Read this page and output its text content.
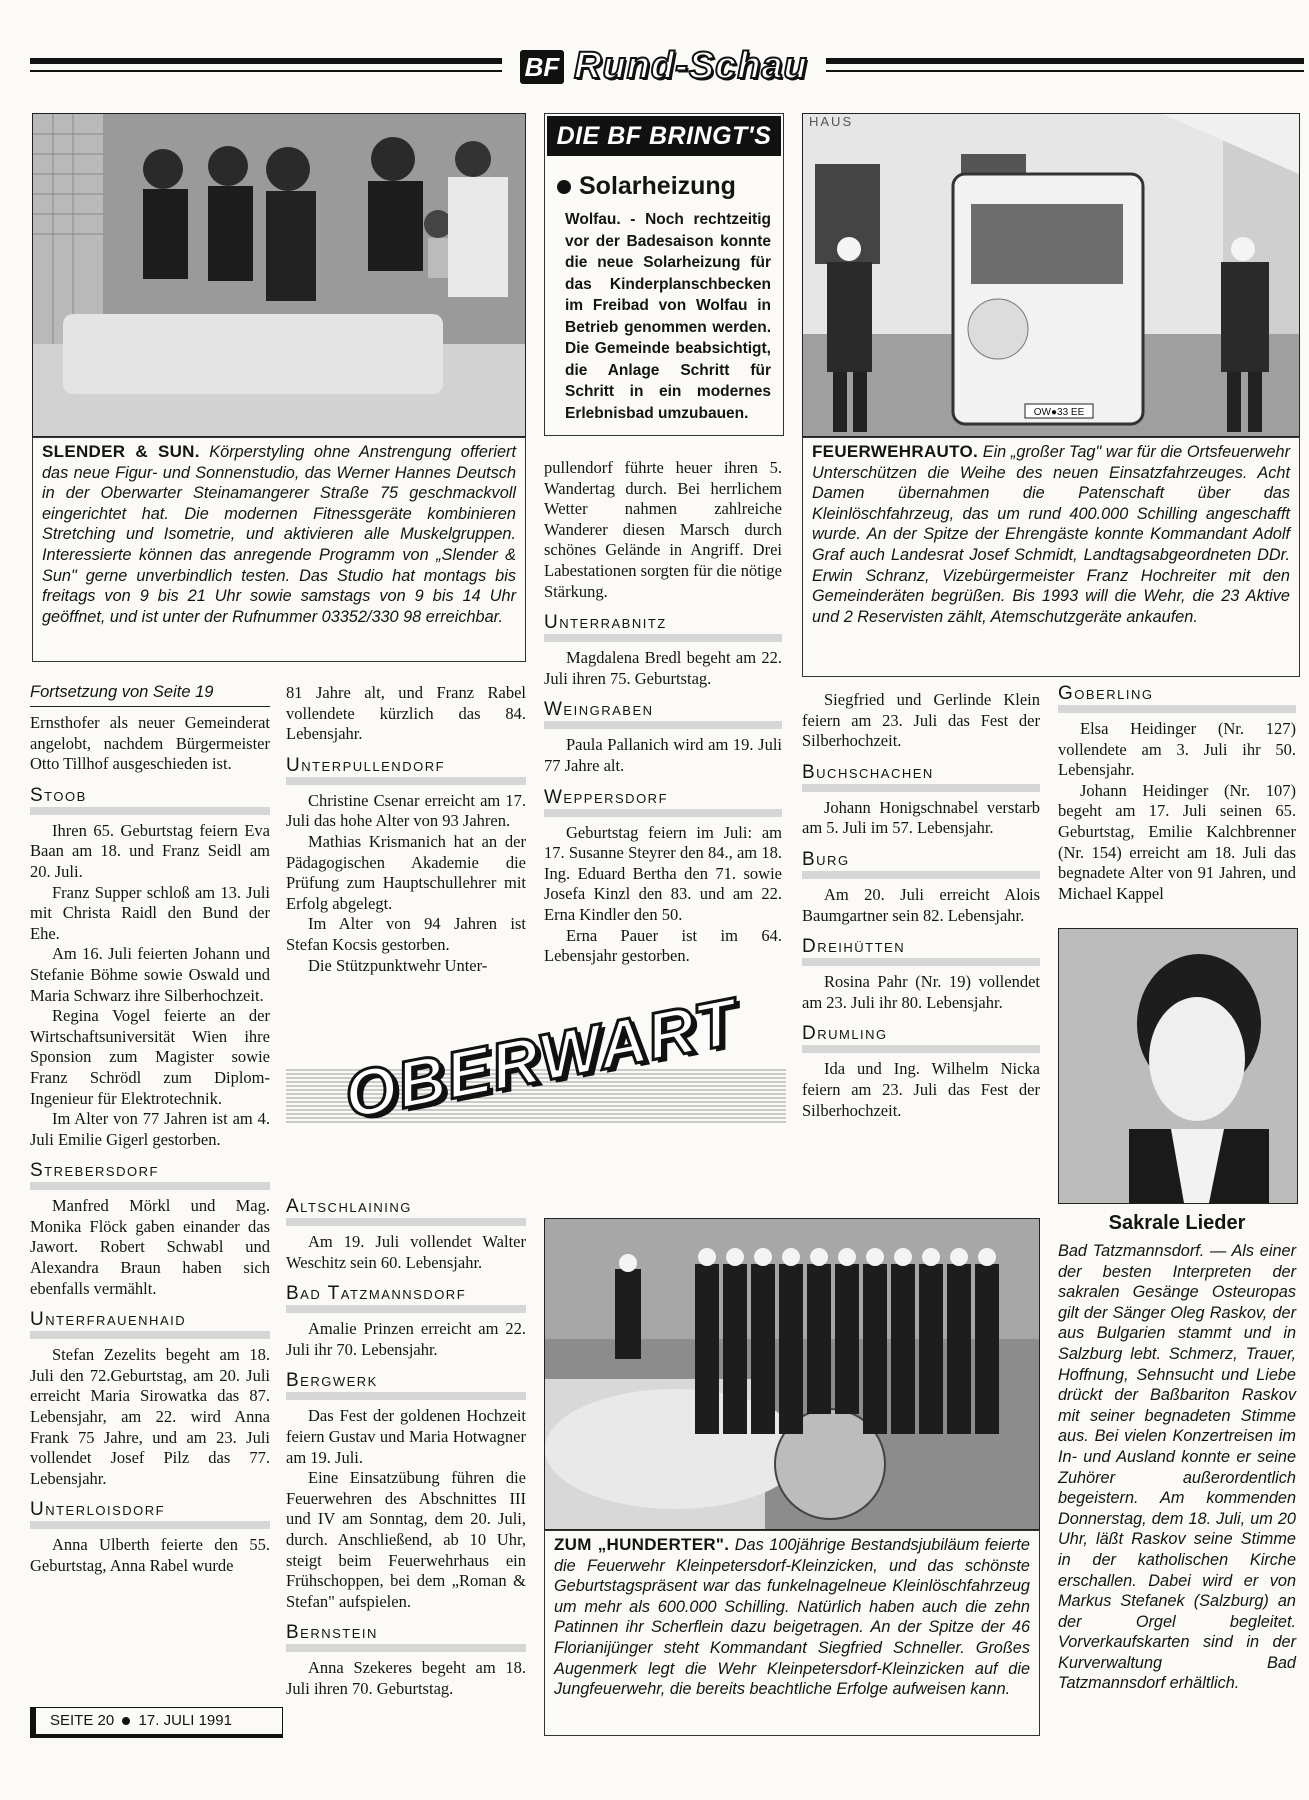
BF Rund-Schau
SLENDER & SUN. Körperstyling ohne Anstrengung offeriert das neue Figur- und Sonnenstudio, das Werner Hannes Deutsch in der Oberwarter Steinamangerer Straße 75 geschmackvoll eingerichtet hat. Die modernen Fitnessgeräte kombinieren Stretching und Isometrie, und aktivieren alle Muskelgruppen. Interessierte können das anregende Programm von „Slender & Sun" gerne unverbindlich testen. Das Studio hat montags bis freitags von 9 bis 21 Uhr sowie samstags von 9 bis 14 Uhr geöffnet, und ist unter der Rufnummer 03352/330 98 erreichbar.
DIE BF BRINGT'S
Solarheizung
Wolfau. - Noch rechtzeitig vor der Badesaison konnte die neue Solarheizung für das Kinderplanschbecken im Freibad von Wolfau in Betrieb genommen werden. Die Gemeinde beabsichtigt, die Anlage Schritt für Schritt in ein modernes Erlebnisbad umzubauen.	OW●33 EE
HAUS
FEUERWEHRAUTO. Ein „großer Tag" war für die Ortsfeuerwehr Unterschützen die Weihe des neuen Einsatzfahrzeuges. Acht Damen übernahmen die Patenschaft über das Kleinlöschfahrzeug, das um rund 400.000 Schilling angeschafft wurde. An der Spitze der Ehrengäste konnte Kommandant Adolf Graf auch Landesrat Josef Schmidt, Landtagsabgeordneten DDr. Erwin Schranz, Vizebürgermeister Franz Hochreiter mit den Gemeinderäten begrüßen. Bis 1993 will die Wehr, die 23 Aktive und 2 Reservisten zählt, Atemschutzgeräte ankaufen.

pullendorf führte heuer ihren 5. Wandertag durch. Bei herrlichem Wetter nahmen zahlreiche Wanderer diesen Marsch durch schönes Gelände in Angriff. Drei Labestationen sorgten für die nötige Stärkung.

Unterrabnitz

Magdalena Bredl begeht am 22. Juli ihren 75. Geburtstag.

Weingraben

Paula Pallanich wird am 19. Juli 77 Jahre alt.

Weppersdorf

Geburtstag feiern im Juli: am 17. Susanne Steyrer den 84., am 18. Ing. Eduard Bertha den 71. sowie Josefa Kinzl den 83. und am 22. Erna Kindler den 50.

Erna Pauer ist im 64. Lebensjahr gestorben.

Fortsetzung von Seite 19

Ernsthofer als neuer Gemeinderat angelobt, nachdem Bürgermeister Otto Tillhof ausgeschieden ist.

Stoob

Ihren 65. Geburtstag feiern Eva Baan am 18. und Franz Seidl am 20. Juli.

Franz Supper schloß am 13. Juli mit Christa Raidl den Bund der Ehe.

Am 16. Juli feierten Johann und Stefanie Böhme sowie Oswald und Maria Schwarz ihre Silberhochzeit.

Regina Vogel feierte an der Wirtschaftsuniversität Wien ihre Sponsion zum Magister sowie Franz Schrödl zum Diplom-Ingenieur für Elektrotechnik.

Im Alter von 77 Jahren ist am 4. Juli Emilie Gigerl gestorben.

Strebersdorf

Manfred Mörkl und Mag. Monika Flöck gaben einander das Jawort. Robert Schwabl und Alexandra Braun haben sich ebenfalls vermählt.

Unterfrauenhaid

Stefan Zezelits begeht am 18. Juli den 72.Geburtstag, am 20. Juli erreicht Maria Sirowatka das 87. Lebensjahr, am 22. wird Anna Frank 75 Jahre, und am 23. Juli vollendet Josef Pilz das 77. Lebensjahr.

Unterloisdorf

Anna Ulberth feierte den 55. Geburtstag, Anna Rabel wurde

81 Jahre alt, und Franz Rabel vollendete kürzlich das 84. Lebensjahr.

Unterpullendorf

Christine Csenar erreicht am 17. Juli das hohe Alter von 93 Jahren.

Mathias Krismanich hat an der Pädagogischen Akademie die Prüfung zum Hauptschullehrer mit Erfolg abgelegt.

Im Alter von 94 Jahren ist Stefan Kocsis gestorben.

Die Stützpunktwehr Unter-

Siegfried und Gerlinde Klein feiern am 23. Juli das Fest der Silberhochzeit.

Buchschachen

Johann Honigschnabel verstarb am 5. Juli im 57. Lebensjahr.

Burg

Am 20. Juli erreicht Alois Baumgartner sein 82. Lebensjahr.

Dreihütten

Rosina Pahr (Nr. 19) vollendet am 23. Juli ihr 80. Lebensjahr.

Drumling

Ida und Ing. Wilhelm Nicka feiern am 23. Juli das Fest der Silberhochzeit.

Goberling

Elsa Heidinger (Nr. 127) vollendete am 3. Juli ihr 50. Lebensjahr.

Johann Heidinger (Nr. 107) begeht am 17. Juli seinen 65. Geburtstag, Emilie Kalchbrenner (Nr. 154) erreicht am 18. Juli das begnadete Alter von 91 Jahren, und Michael Kappel

Sakrale Lieder
Bad Tatzmannsdorf. — Als einer der besten Interpreten der sakralen Gesänge Osteuropas gilt der Sänger Oleg Raskov, der aus Bulgarien stammt und in Salzburg lebt. Schmerz, Trauer, Hoffnung, Sehnsucht und Liebe drückt der Baßbariton Raskov mit seiner begnadeten Stimme aus. Bei vielen Konzertreisen im In- und Ausland konnte er seine Zuhörer außerordentlich begeistern. Am kommenden Donnerstag, dem 18. Juli, um 20 Uhr, läßt Raskov seine Stimme in der katholischen Kirche erschallen. Dabei wird er von Markus Stefanek (Salzburg) an der Orgel begleitet. Vorverkaufskarten sind in der Kurverwaltung Bad Tatzmannsdorf erhältlich.
OBERWART
Altschlaining

Am 19. Juli vollendet Walter Weschitz sein 60. Lebensjahr.

Bad Tatzmannsdorf

Amalie Prinzen erreicht am 22. Juli ihr 70. Lebensjahr.

Bergwerk

Das Fest der goldenen Hochzeit feiern Gustav und Maria Hotwagner am 19. Juli.

Eine Einsatzübung führen die Feuerwehren des Abschnittes III und IV am Sonntag, dem 20. Juli, durch. Anschließend, ab 10 Uhr, steigt beim Feuerwehrhaus ein Frühschoppen, bei dem „Roman & Stefan" aufspielen.

Bernstein

Anna Szekeres begeht am 18. Juli ihren 70. Geburtstag.

ZUM „HUNDERTER". Das 100jährige Bestandsjubiläum feierte die Feuerwehr Kleinpetersdorf-Kleinzicken, und das schönste Geburtstagspräsent war das funkelnagelneue Kleinlöschfahrzeug um mehr als 600.000 Schilling. Natürlich haben auch die zehn Patinnen ihr Scherflein dazu beigetragen. An der Spitze der 46 Florianijünger steht Kommandant Siegfried Schneller. Großes Augenmerk legt die Wehr Kleinpetersdorf-Kleinzicken auf die Jungfeuerwehr, die bereits beachtliche Erfolge aufweisen kann.
SEITE 20 17. JULI 1991
